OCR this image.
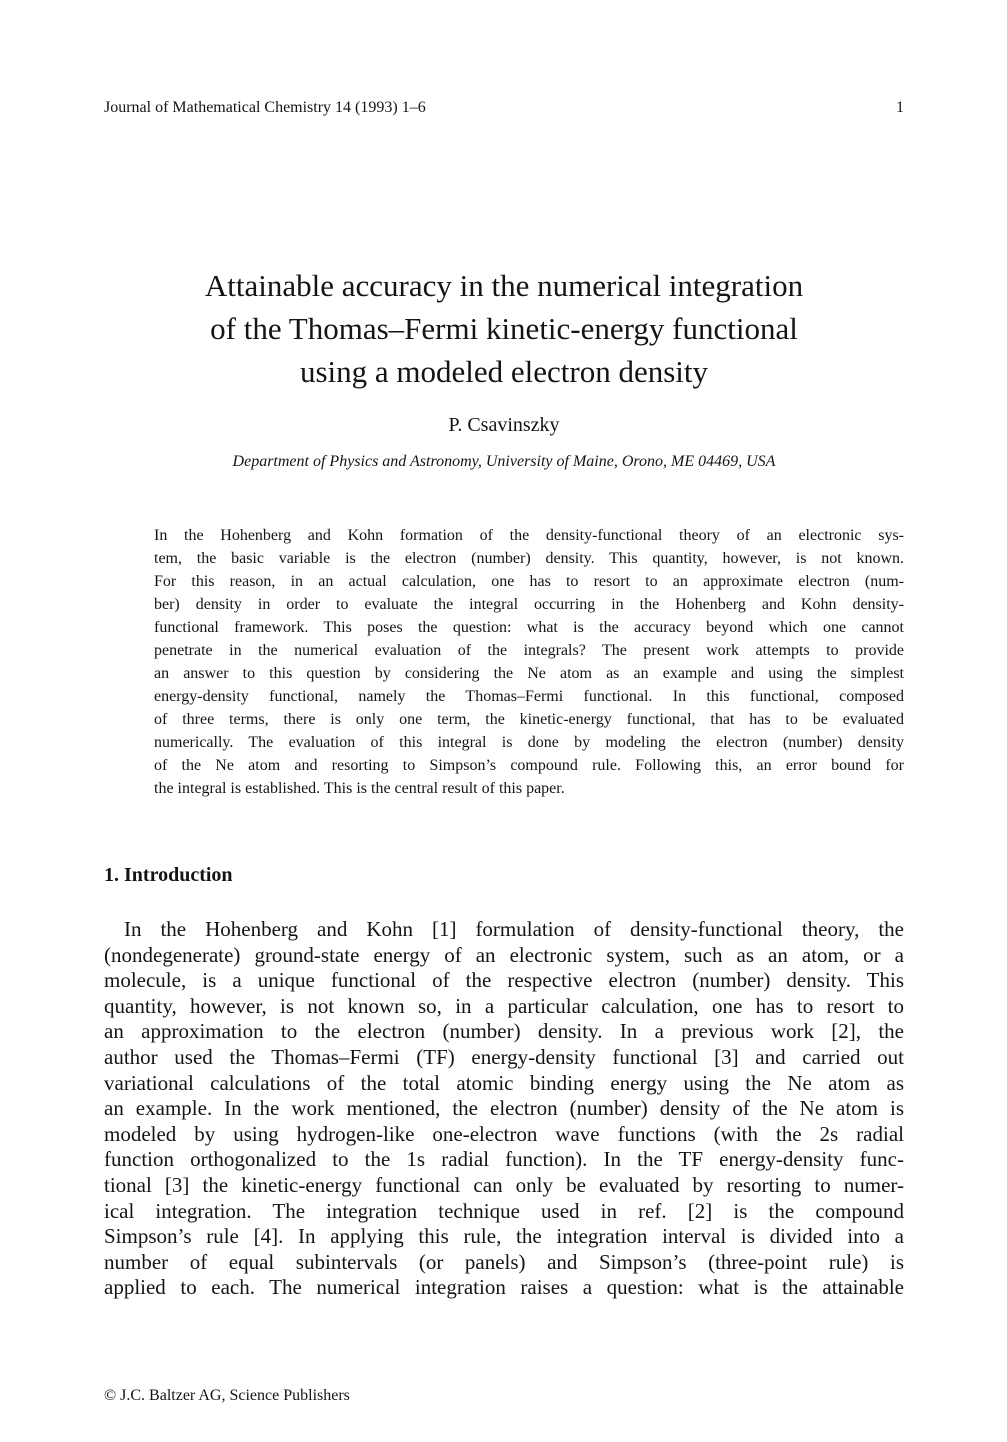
Journal of Mathematical Chemistry 14 (1993) 1–6	1
Attainable accuracy in the numerical integration
of the Thomas–Fermi kinetic-energy functional
using a modeled electron density
P. Csavinszky
Department of Physics and Astronomy, University of Maine, Orono, ME 04469, USA
In the Hohenberg and Kohn formation of the density-functional theory of an electronic sys-
tem, the basic variable is the electron (number) density. This quantity, however, is not known.
For this reason, in an actual calculation, one has to resort to an approximate electron (num-
ber) density in order to evaluate the integral occurring in the Hohenberg and Kohn density-
functional framework. This poses the question: what is the accuracy beyond which one cannot
penetrate in the numerical evaluation of the integrals? The present work attempts to provide
an answer to this question by considering the Ne atom as an example and using the simplest
energy-density functional, namely the Thomas–Fermi functional. In this functional, composed
of three terms, there is only one term, the kinetic-energy functional, that has to be evaluated
numerically. The evaluation of this integral is done by modeling the electron (number) density
of the Ne atom and resorting to Simpson’s compound rule. Following this, an error bound for
the integral is established. This is the central result of this paper.
1. Introduction
In the Hohenberg and Kohn [1] formulation of density-functional theory, the
(nondegenerate) ground-state energy of an electronic system, such as an atom, or a
molecule, is a unique functional of the respective electron (number) density. This
quantity, however, is not known so, in a particular calculation, one has to resort to
an approximation to the electron (number) density. In a previous work [2], the
author used the Thomas–Fermi (TF) energy-density functional [3] and carried out
variational calculations of the total atomic binding energy using the Ne atom as
an example. In the work mentioned, the electron (number) density of the Ne atom is
modeled by using hydrogen-like one-electron wave functions (with the 2s radial
function orthogonalized to the 1s radial function). In the TF energy-density func-
tional [3] the kinetic-energy functional can only be evaluated by resorting to numer-
ical integration. The integration technique used in ref. [2] is the compound
Simpson’s rule [4]. In applying this rule, the integration interval is divided into a
number of equal subintervals (or panels) and Simpson’s (three-point rule) is
applied to each. The numerical integration raises a question: what is the attainable
© J.C. Baltzer AG, Science Publishers
